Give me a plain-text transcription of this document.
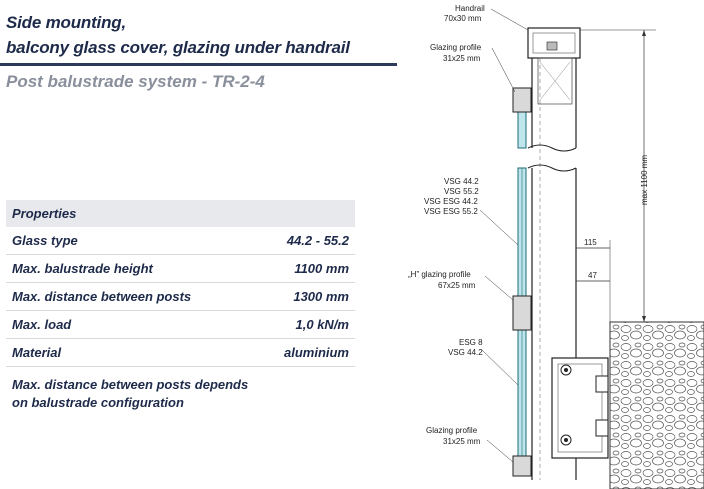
Side mounting,
balcony glass cover, glazing under handrail
Post balustrade system - TR-2-4
Properties	
Glass type	44.2 - 55.2
Max. balustrade height	1100 mm
Max. distance between posts	1300 mm
Max. load	1,0 kN/m
Material	aluminium
Max. distance between posts depends
on balustrade configuration
max 1100 mm
115
47
Handrail
70x30 mm
Glazing profile
31x25 mm
VSG 44.2
VSG 55.2
VSG ESG 44.2
VSG ESG 55.2
„H” glazing profile
67x25 mm
ESG 8
VSG 44.2
Glazing profile
31x25 mm
